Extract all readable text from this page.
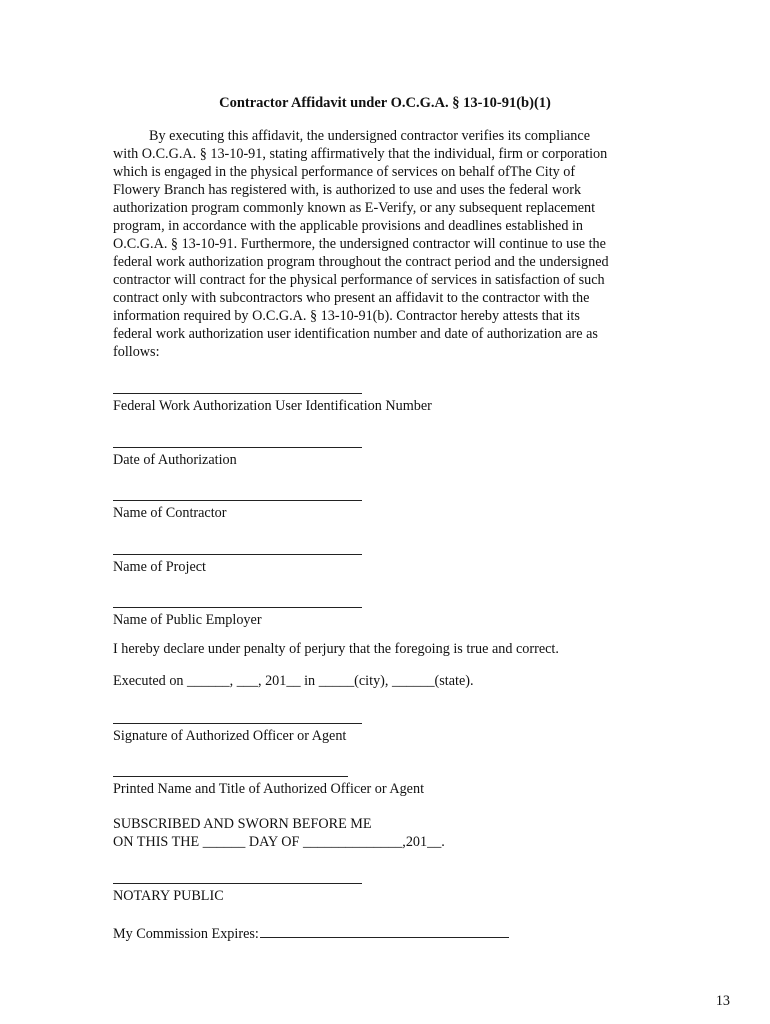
Contractor Affidavit under O.C.G.A. § 13-10-91(b)(1)
By executing this affidavit, the undersigned contractor verifies its compliance
with O.C.G.A. § 13-10-91, stating affirmatively that the individual, firm or corporation
which is engaged in the physical performance of services on behalf ofThe City of
Flowery Branch has registered with, is authorized to use and uses the federal work
authorization program commonly known as E-Verify, or any subsequent replacement
program, in accordance with the applicable provisions and deadlines established in
O.C.G.A. § 13-10-91. Furthermore, the undersigned contractor will continue to use the
federal work authorization program throughout the contract period and the undersigned
contractor will contract for the physical performance of services in satisfaction of such
contract only with subcontractors who present an affidavit to the contractor with the
information required by O.C.G.A. § 13-10-91(b). Contractor hereby attests that its
federal work authorization user identification number and date of authorization are as
follows:
Federal Work Authorization User Identification Number
Date of Authorization
Name of Contractor
Name of Project
Name of Public Employer
I hereby declare under penalty of perjury that the foregoing is true and correct.
Executed on ______, ___, 201__ in _____(city), ______(state).
Signature of Authorized Officer or Agent
Printed Name and Title of Authorized Officer or Agent
SUBSCRIBED AND SWORN BEFORE ME
ON THIS THE ______ DAY OF ______________,201__.
NOTARY PUBLIC
My Commission Expires:
13
